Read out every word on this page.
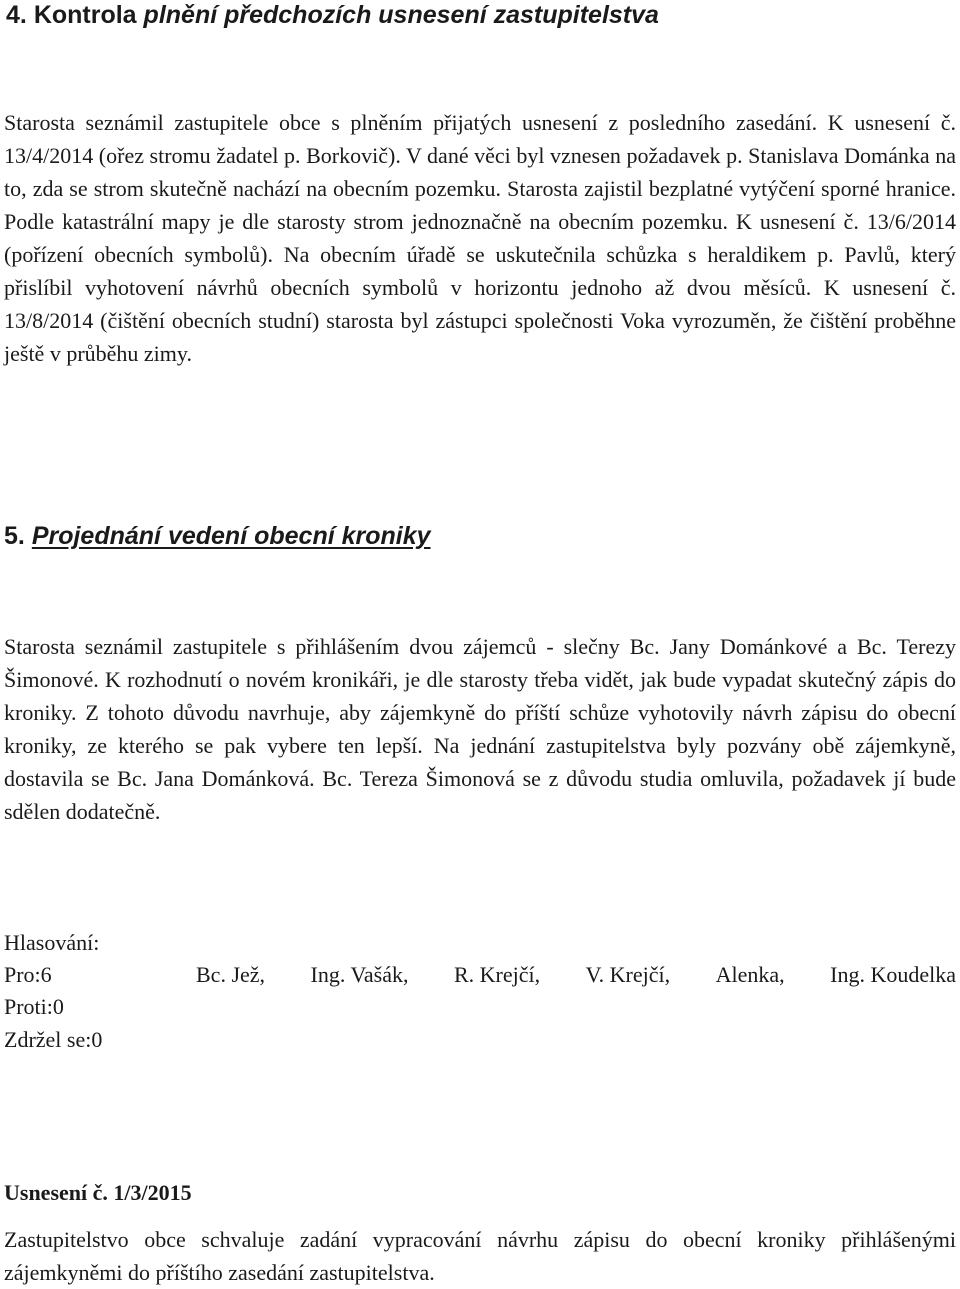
4. Kontrola plnění předchozích usnesení zastupitelstva

Starosta seznámil zastupitele obce s plněním přijatých usnesení z posledního zasedání. K usnesení č. 13/4/2014 (ořez stromu žadatel p. Borkovič). V dané věci byl vznesen požadavek p. Stanislava Dománka na to, zda se strom skutečně nachází na obecním pozemku. Starosta zajistil bezplatné vytýčení sporné hranice. Podle katastrální mapy je dle starosty strom jednoznačně na obecním pozemku. K usnesení č. 13/6/2014 (pořízení obecních symbolů). Na obecním úřadě se uskutečnila schůzka s heraldikem p. Pavlů, který přislíbil vyhotovení návrhů obecních symbolů v horizontu jednoho až dvou měsíců. K usnesení č. 13/8/2014 (čištění obecních studní) starosta byl zástupci společnosti Voka vyrozuměn, že čištění proběhne ještě v průběhu zimy.

5. Projednání vedení obecní kroniky

Starosta seznámil zastupitele s přihlášením dvou zájemců - slečny Bc. Jany Dománkové a Bc. Terezy Šimonové. K rozhodnutí o novém kronikáři, je dle starosty třeba vidět, jak bude vypadat skutečný zápis do kroniky. Z tohoto důvodu navrhuje, aby zájemkyně do příští schůze vyhotovily návrh zápisu do obecní kroniky, ze kterého se pak vybere ten lepší. Na jednání zastupitelstva byly pozvány obě zájemkyně, dostavila se Bc. Jana Dománková. Bc. Tereza Šimonová se z důvodu studia omluvila, požadavek jí bude sdělen dodatečně.

Hlasování:
Pro:6	Bc. Jež, Ing. Vašák, R. Krejčí, V. Krejčí, Alenka, Ing. Koudelka
Proti:0
Zdržel se:0
Usnesení č. 1/3/2015

Zastupitelstvo obce schvaluje zadání vypracování návrhu zápisu do obecní kroniky přihlášenými zájemkyněmi do příštího zasedání zastupitelstva.
